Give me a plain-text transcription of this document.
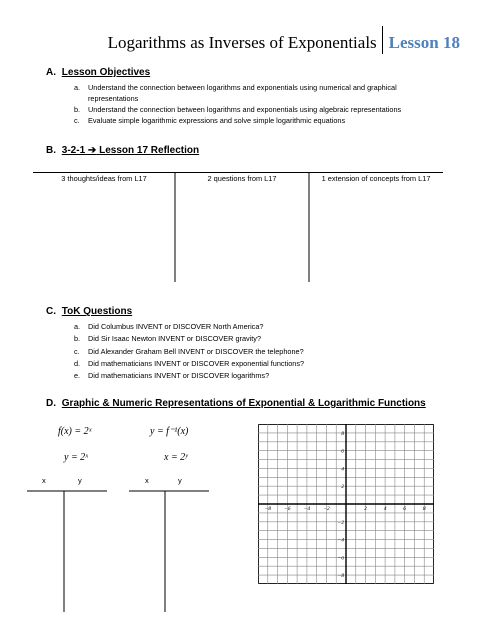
Logarithms as Inverses of Exponentials Lesson 18
A. Lesson Objectives
a.	Understand the connection between logarithms and exponentials using numerical and graphical
representations
b.	Understand the connection between logarithms and exponentials using algebraic representations
c.	Evaluate simple logarithmic expressions and solve simple logarithmic equations
B. 3-2-1 ➔ Lesson 17 Reflection
3 thoughts/ideas from L17	2 questions from L17	1 extension of concepts from L17
C. ToK Questions
a.	Did Columbus INVENT or DISCOVER North America?
b.	Did Sir Isaac Newton INVENT or DISCOVER gravity?
c.	Did Alexander Graham Bell INVENT or DISCOVER the telephone?
d.	Did mathematicians INVENT or DISCOVER exponential functions?
e.	Did mathematicians INVENT or DISCOVER logarithms?
D. Graphic & Numeric Representations of Exponential & Logarithmic Functions
f(x) = 2ˣ
y = 2ˣ
y = f⁻¹(x)
x = 2ʸ
x	y	x	y
−8 −6 −4 −2	2	4	6	8
8
6
4
2
−2
−4
−6
−8
